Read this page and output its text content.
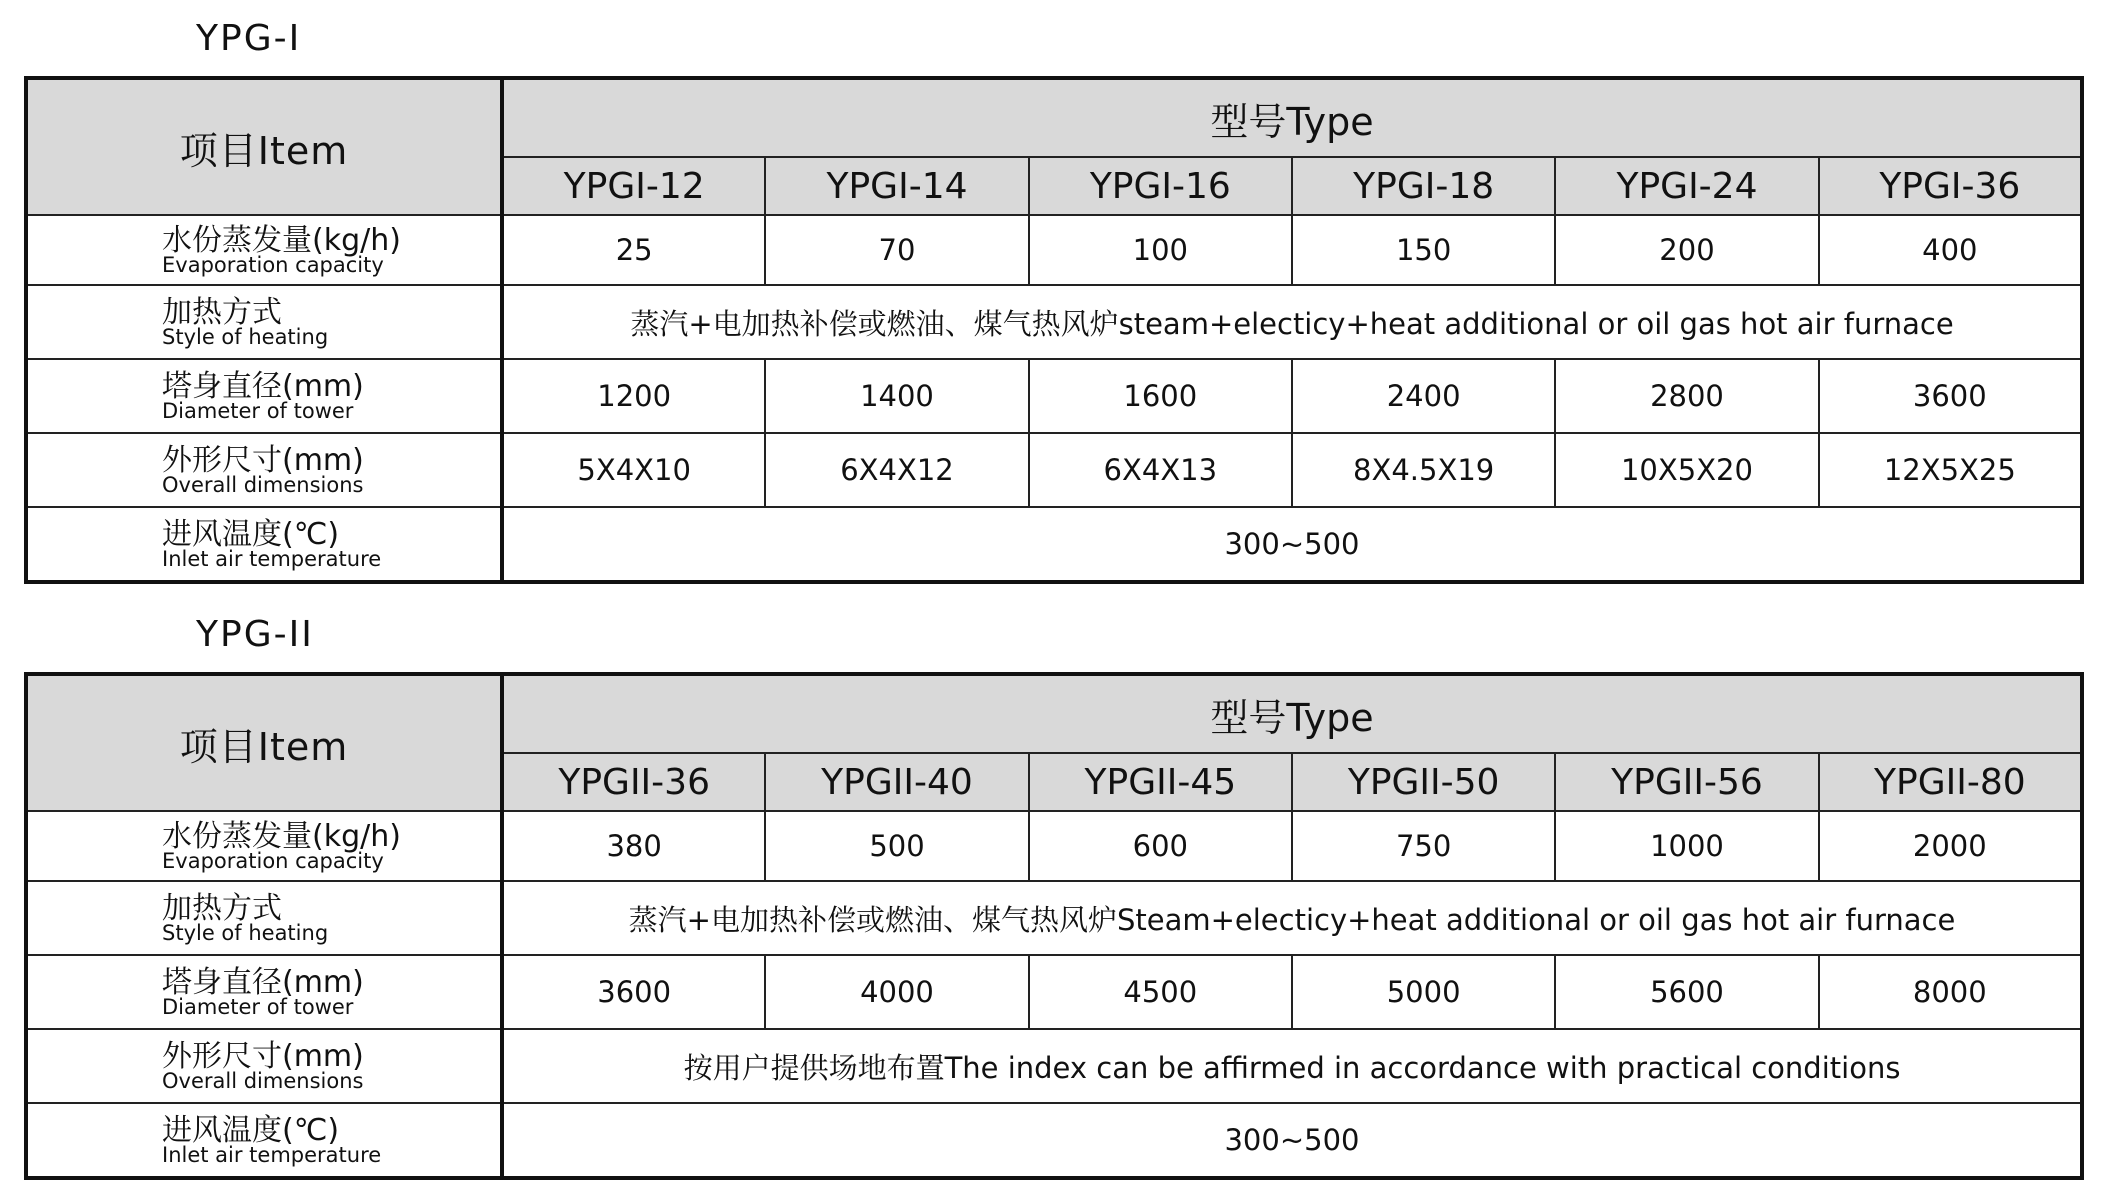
YPG-I
项目Item	型号Type					
	YPGI-12	YPGI-14	YPGI-16	YPGI-18	YPGI-24	YPGI-36

水份蒸发量(kg/h)
Evaporation capacity	25	70	100	150	200	400

加热方式
Style of heating	蒸汽+电加热补偿或燃油、煤气热风炉steam+electicy+heat additional or oil gas hot air furnace					

塔身直径(mm)
Diameter of tower	1200	1400	1600	2400	2800	3600

外形尺寸(mm)
Overall dimensions	5X4X10	6X4X12	6X4X13	8X4.5X19	10X5X20	12X5X25

进风温度(℃)
Inlet air temperature	300~500					
YPG-II
项目Item	型号Type					
	YPGII-36	YPGII-40	YPGII-45	YPGII-50	YPGII-56	YPGII-80

水份蒸发量(kg/h)
Evaporation capacity	380	500	600	750	1000	2000

加热方式
Style of heating	蒸汽+电加热补偿或燃油、煤气热风炉Steam+electicy+heat additional or oil gas hot air furnace					

塔身直径(mm)
Diameter of tower	3600	4000	4500	5000	5600	8000

外形尺寸(mm)
Overall dimensions	按用户提供场地布置The index can be affirmed in accordance with practical conditions					

进风温度(℃)
Inlet air temperature	300~500					
